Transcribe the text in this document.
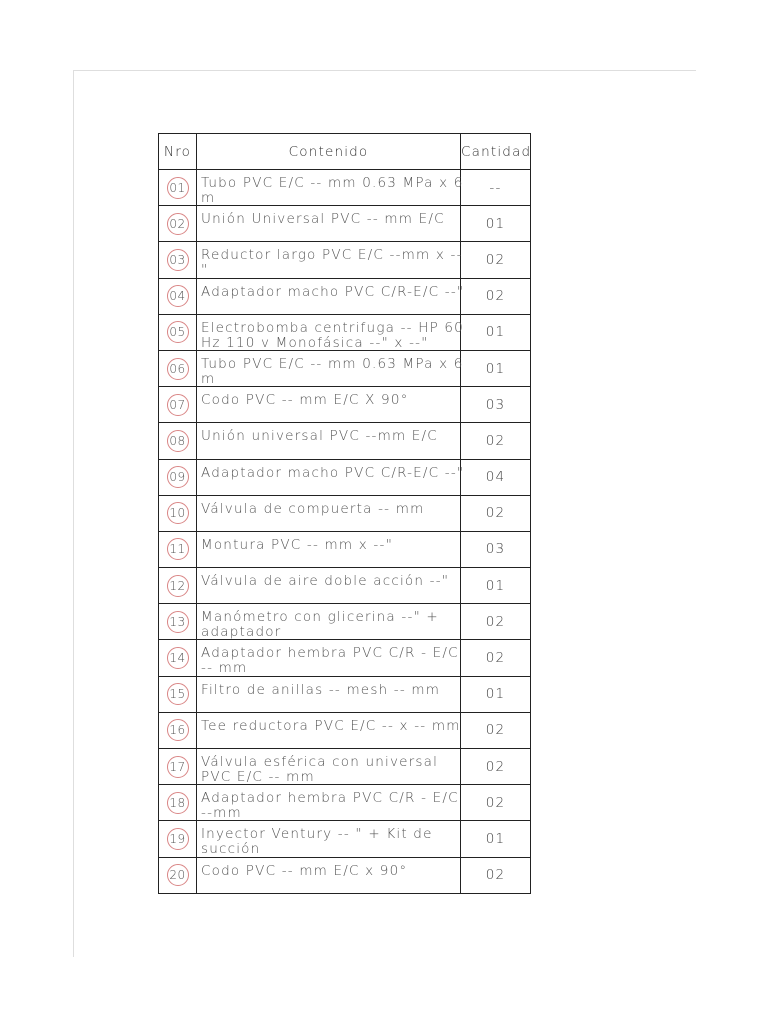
Nro	Contenido	Cantidad
01	Tubo PVC E/C -- mm 0.63 MPa x 6 m	--
02	Unión Universal PVC -- mm E/C	01
03	Reductor largo PVC E/C --mm x --"	02
04	Adaptador macho PVC C/R-E/C --"	02
05	Electrobomba centrifuga -- HP 60 Hz 110 v Monofásica --" x --"	01
06	Tubo PVC E/C -- mm 0.63 MPa x 6 m	01
07	Codo PVC -- mm E/C X 90°	03
08	Unión universal PVC --mm E/C	02
09	Adaptador macho PVC C/R-E/C --"	04
10	Válvula de compuerta -- mm	02
11	Montura PVC -- mm x --"	03
12	Válvula de aire doble acción --"	01
13	Manómetro con glicerina --" + adaptador	02
14	Adaptador hembra PVC C/R - E/C -- mm	02
15	Filtro de anillas -- mesh -- mm	01
16	Tee reductora PVC E/C -- x -- mm	02
17	Válvula esférica con universal PVC E/C -- mm	02
18	Adaptador hembra PVC C/R - E/C --mm	02
19	Inyector Ventury -- " + Kit de succión	01
20	Codo PVC -- mm E/C x 90°	02
